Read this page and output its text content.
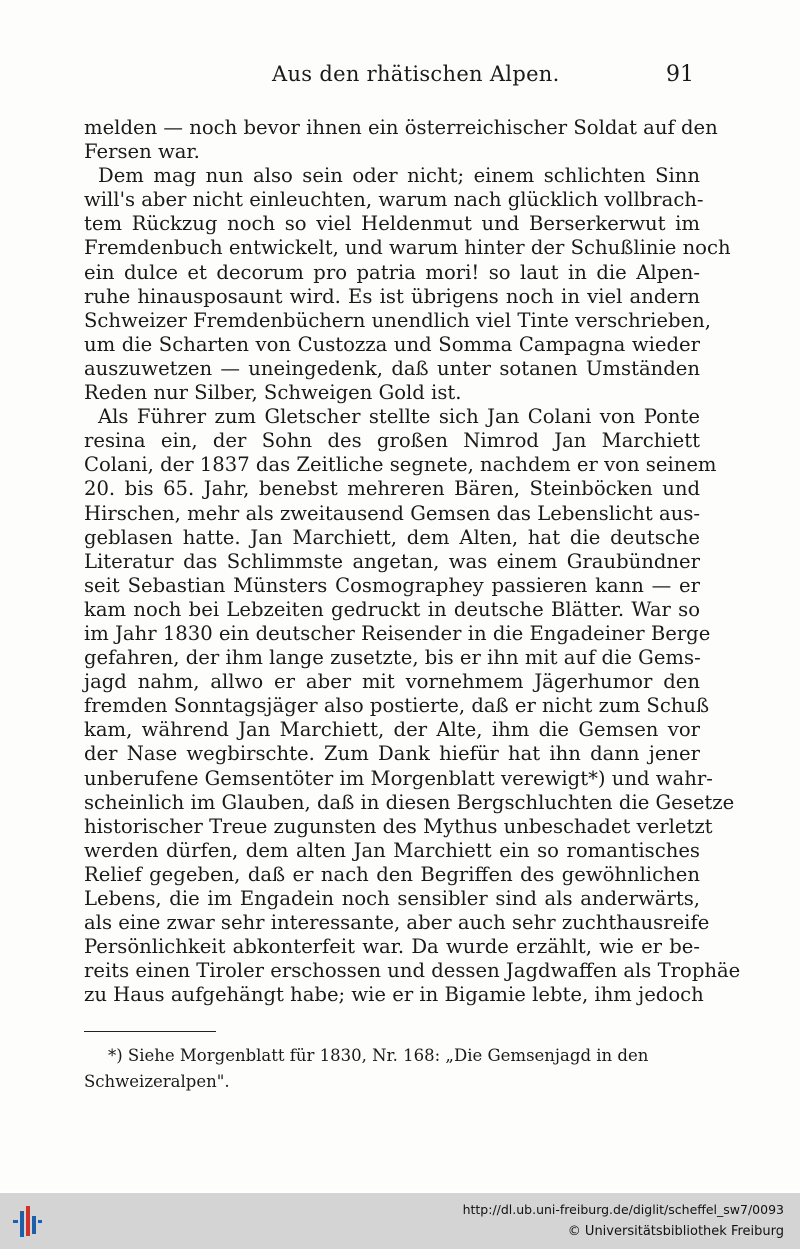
Aus den rhätischen Alpen.	91
melden — noch bevor ihnen ein österreichischer Soldat auf den
Fersen war.
Dem mag nun also sein oder nicht; einem schlichten Sinn
will's aber nicht einleuchten, warum nach glücklich vollbrach-
tem Rückzug noch so viel Heldenmut und Berserkerwut im
Fremdenbuch entwickelt, und warum hinter der Schußlinie noch
ein dulce et decorum pro patria mori! so laut in die Alpen-
ruhe hinausposaunt wird. Es ist übrigens noch in viel andern
Schweizer Fremdenbüchern unendlich viel Tinte verschrieben,
um die Scharten von Custozza und Somma Campagna wieder
auszuwetzen — uneingedenk, daß unter sotanen Umständen
Reden nur Silber, Schweigen Gold ist.
Als Führer zum Gletscher stellte sich Jan Colani von Ponte
resina ein, der Sohn des großen Nimrod Jan Marchiett
Colani, der 1837 das Zeitliche segnete, nachdem er von seinem
20. bis 65. Jahr, benebst mehreren Bären, Steinböcken und
Hirschen, mehr als zweitausend Gemsen das Lebenslicht aus-
geblasen hatte. Jan Marchiett, dem Alten, hat die deutsche
Literatur das Schlimmste angetan, was einem Graubündner
seit Sebastian Münsters Cosmographey passieren kann — er
kam noch bei Lebzeiten gedruckt in deutsche Blätter. War so
im Jahr 1830 ein deutscher Reisender in die Engadeiner Berge
gefahren, der ihm lange zusetzte, bis er ihn mit auf die Gems-
jagd nahm, allwo er aber mit vornehmem Jägerhumor den
fremden Sonntagsjäger also postierte, daß er nicht zum Schuß
kam, während Jan Marchiett, der Alte, ihm die Gemsen vor
der Nase wegbirschte. Zum Dank hiefür hat ihn dann jener
unberufene Gemsentöter im Morgenblatt verewigt*) und wahr-
scheinlich im Glauben, daß in diesen Bergschluchten die Gesetze
historischer Treue zugunsten des Mythus unbeschadet verletzt
werden dürfen, dem alten Jan Marchiett ein so romantisches
Relief gegeben, daß er nach den Begriffen des gewöhnlichen
Lebens, die im Engadein noch sensibler sind als anderwärts,
als eine zwar sehr interessante, aber auch sehr zuchthausreife
Persönlichkeit abkonterfeit war. Da wurde erzählt, wie er be-
reits einen Tiroler erschossen und dessen Jagdwaffen als Trophäe
zu Haus aufgehängt habe; wie er in Bigamie lebte, ihm jedoch
*) Siehe Morgenblatt für 1830, Nr. 168: „Die Gemsenjagd in den
Schweizeralpen".
http://dl.ub.uni-freiburg.de/diglit/scheffel_sw7/0093
© Universitätsbibliothek Freiburg
